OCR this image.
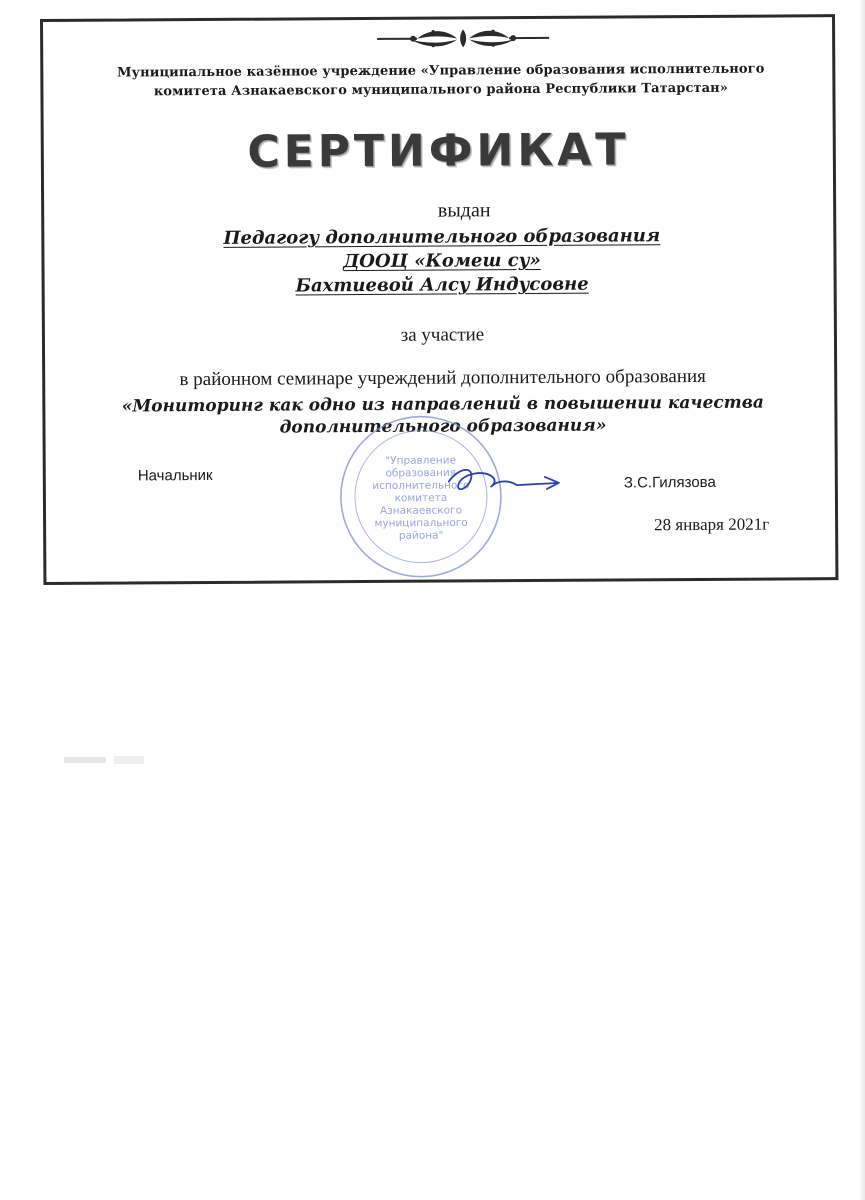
Муниципальное казённое учреждение «Управление образования исполнительного
комитета Азнакаевского муниципального района Республики Татарстан»
СЕРТИФИКАТ
выдан
Педагогу дополнительного образования
ДООЦ «Комеш су»
Бахтиевой Алсу Индусовне
за участие
в районном семинаре учреждений дополнительного образования
«Мониторинг как одно из направлений в повышении качества
дополнительного образования»
Начальник
"Управление
образования
исполнительного
комитета
Азнакаевского
муниципального
района"
З.С.Гилязова
28 января 2021г
